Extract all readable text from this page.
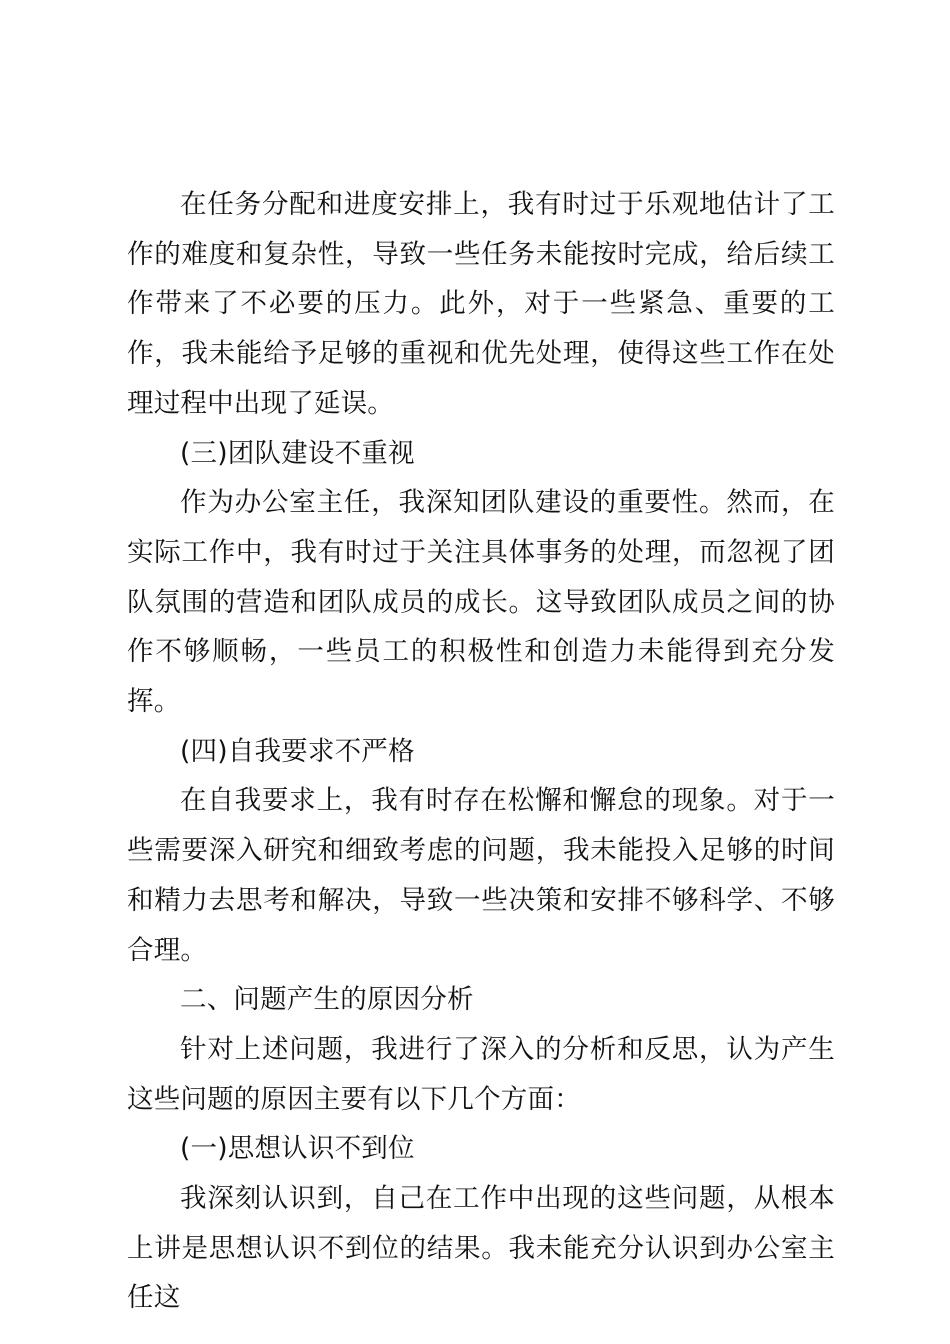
在任务分配和进度安排上，我有时过于乐观地估计了工作的难度和复杂性，导致一些任务未能按时完成，给后续工作带来了不必要的压力。此外，对于一些紧急、重要的工作，我未能给予足够的重视和优先处理，使得这些工作在处理过程中出现了延误。

(三)团队建设不重视

作为办公室主任，我深知团队建设的重要性。然而，在实际工作中，我有时过于关注具体事务的处理，而忽视了团队氛围的营造和团队成员的成长。这导致团队成员之间的协作不够顺畅，一些员工的积极性和创造力未能得到充分发挥。

(四)自我要求不严格

在自我要求上，我有时存在松懈和懈怠的现象。对于一些需要深入研究和细致考虑的问题，我未能投入足够的时间和精力去思考和解决，导致一些决策和安排不够科学、不够合理。

二、问题产生的原因分析

针对上述问题，我进行了深入的分析和反思，认为产生这些问题的原因主要有以下几个方面：

(一)思想认识不到位

我深刻认识到，自己在工作中出现的这些问题，从根本上讲是思想认识不到位的结果。我未能充分认识到办公室主任这
